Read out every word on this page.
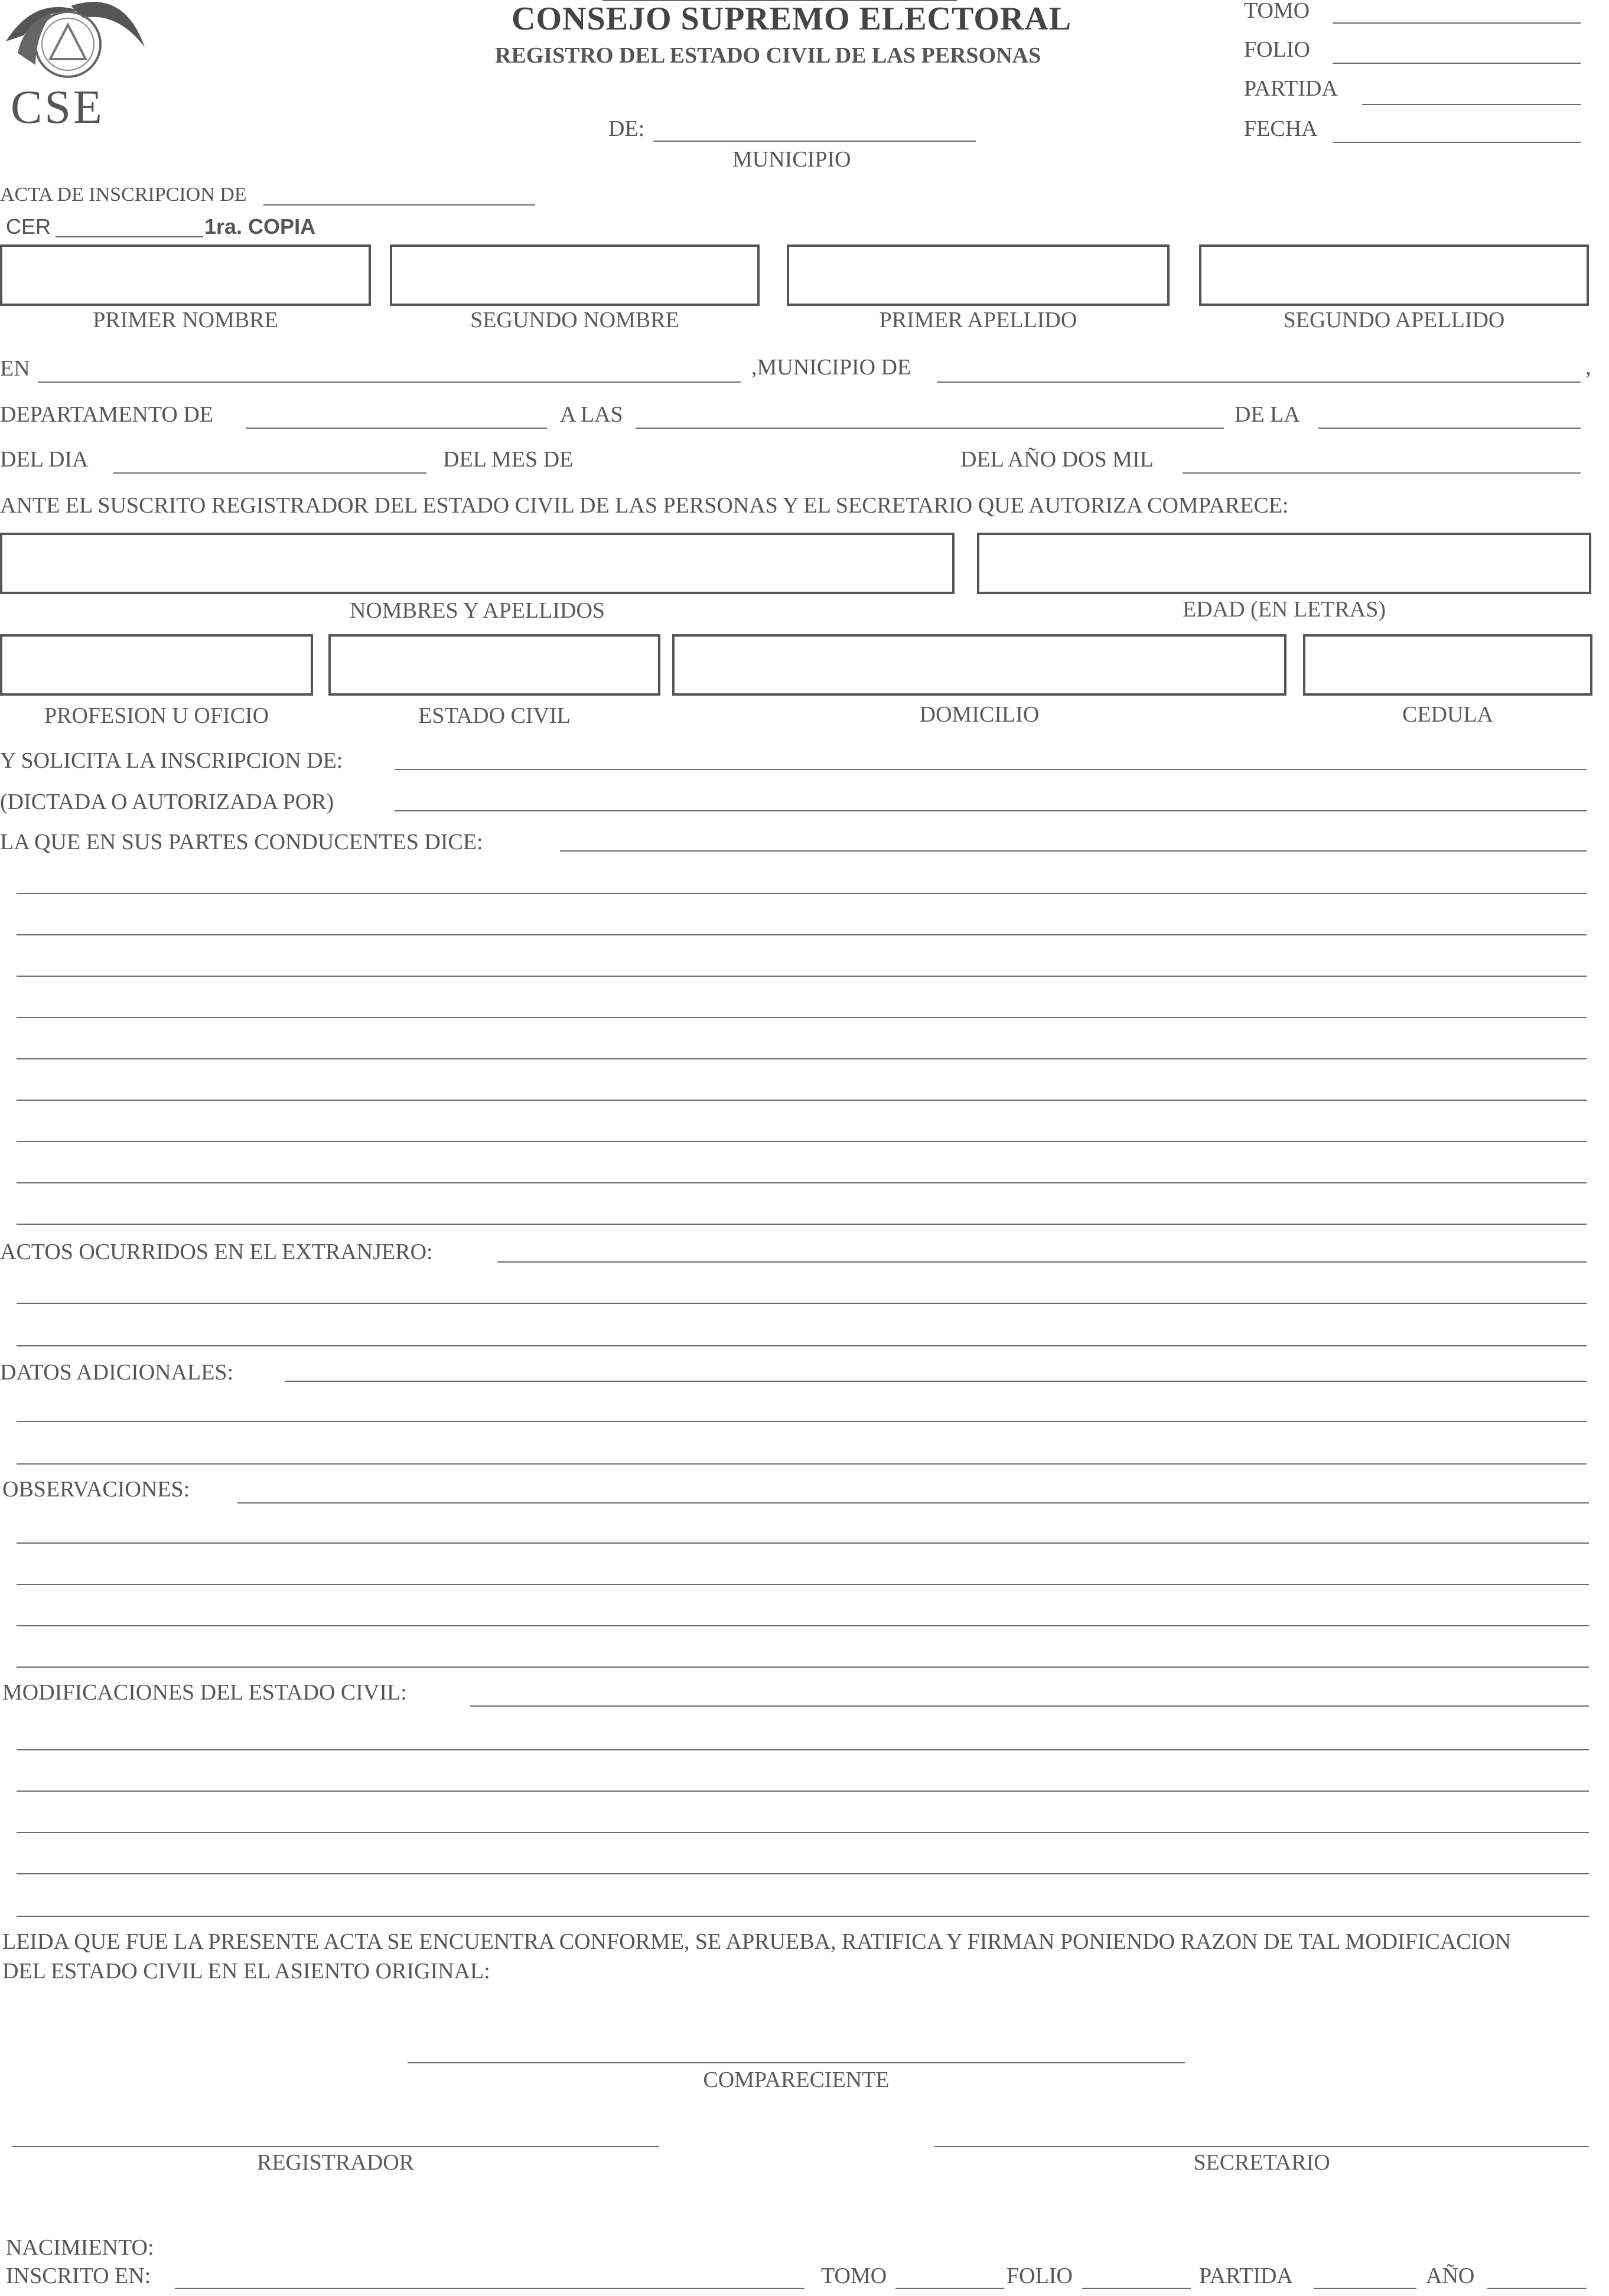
CSE
CONSEJO SUPREMO ELECTORAL
REGISTRO DEL ESTADO CIVIL DE LAS PERSONAS
DE:
MUNICIPIO
TOMO
FOLIO
PARTIDA
FECHA
ACTA DE INSCRIPCION DE
CER	1ra. COPIA
PRIMER NOMBRE	SEGUNDO NOMBRE	PRIMER APELLIDO	SEGUNDO APELLIDO
EN	,MUNICIPIO DE	,
DEPARTAMENTO DE	A LAS	DE LA
DEL DIA	DEL MES DE	DEL AÑO DOS MIL
ANTE EL SUSCRITO REGISTRADOR DEL ESTADO CIVIL DE LAS PERSONAS Y EL SECRETARIO QUE AUTORIZA COMPARECE:
NOMBRES Y APELLIDOS	EDAD (EN LETRAS)
PROFESION U OFICIO	ESTADO CIVIL	DOMICILIO	CEDULA
Y SOLICITA LA INSCRIPCION DE:
(DICTADA O AUTORIZADA POR)
LA QUE EN SUS PARTES CONDUCENTES DICE:
ACTOS OCURRIDOS EN EL EXTRANJERO:
DATOS ADICIONALES:
OBSERVACIONES:
MODIFICACIONES DEL ESTADO CIVIL:
LEIDA QUE FUE LA PRESENTE ACTA SE ENCUENTRA CONFORME, SE APRUEBA, RATIFICA Y FIRMAN PONIENDO RAZON DE TAL MODIFICACION
DEL ESTADO CIVIL EN EL ASIENTO ORIGINAL:
COMPARECIENTE
REGISTRADOR	SECRETARIO
NACIMIENTO:
INSCRITO EN:	TOMO	FOLIO	PARTIDA	AÑO
